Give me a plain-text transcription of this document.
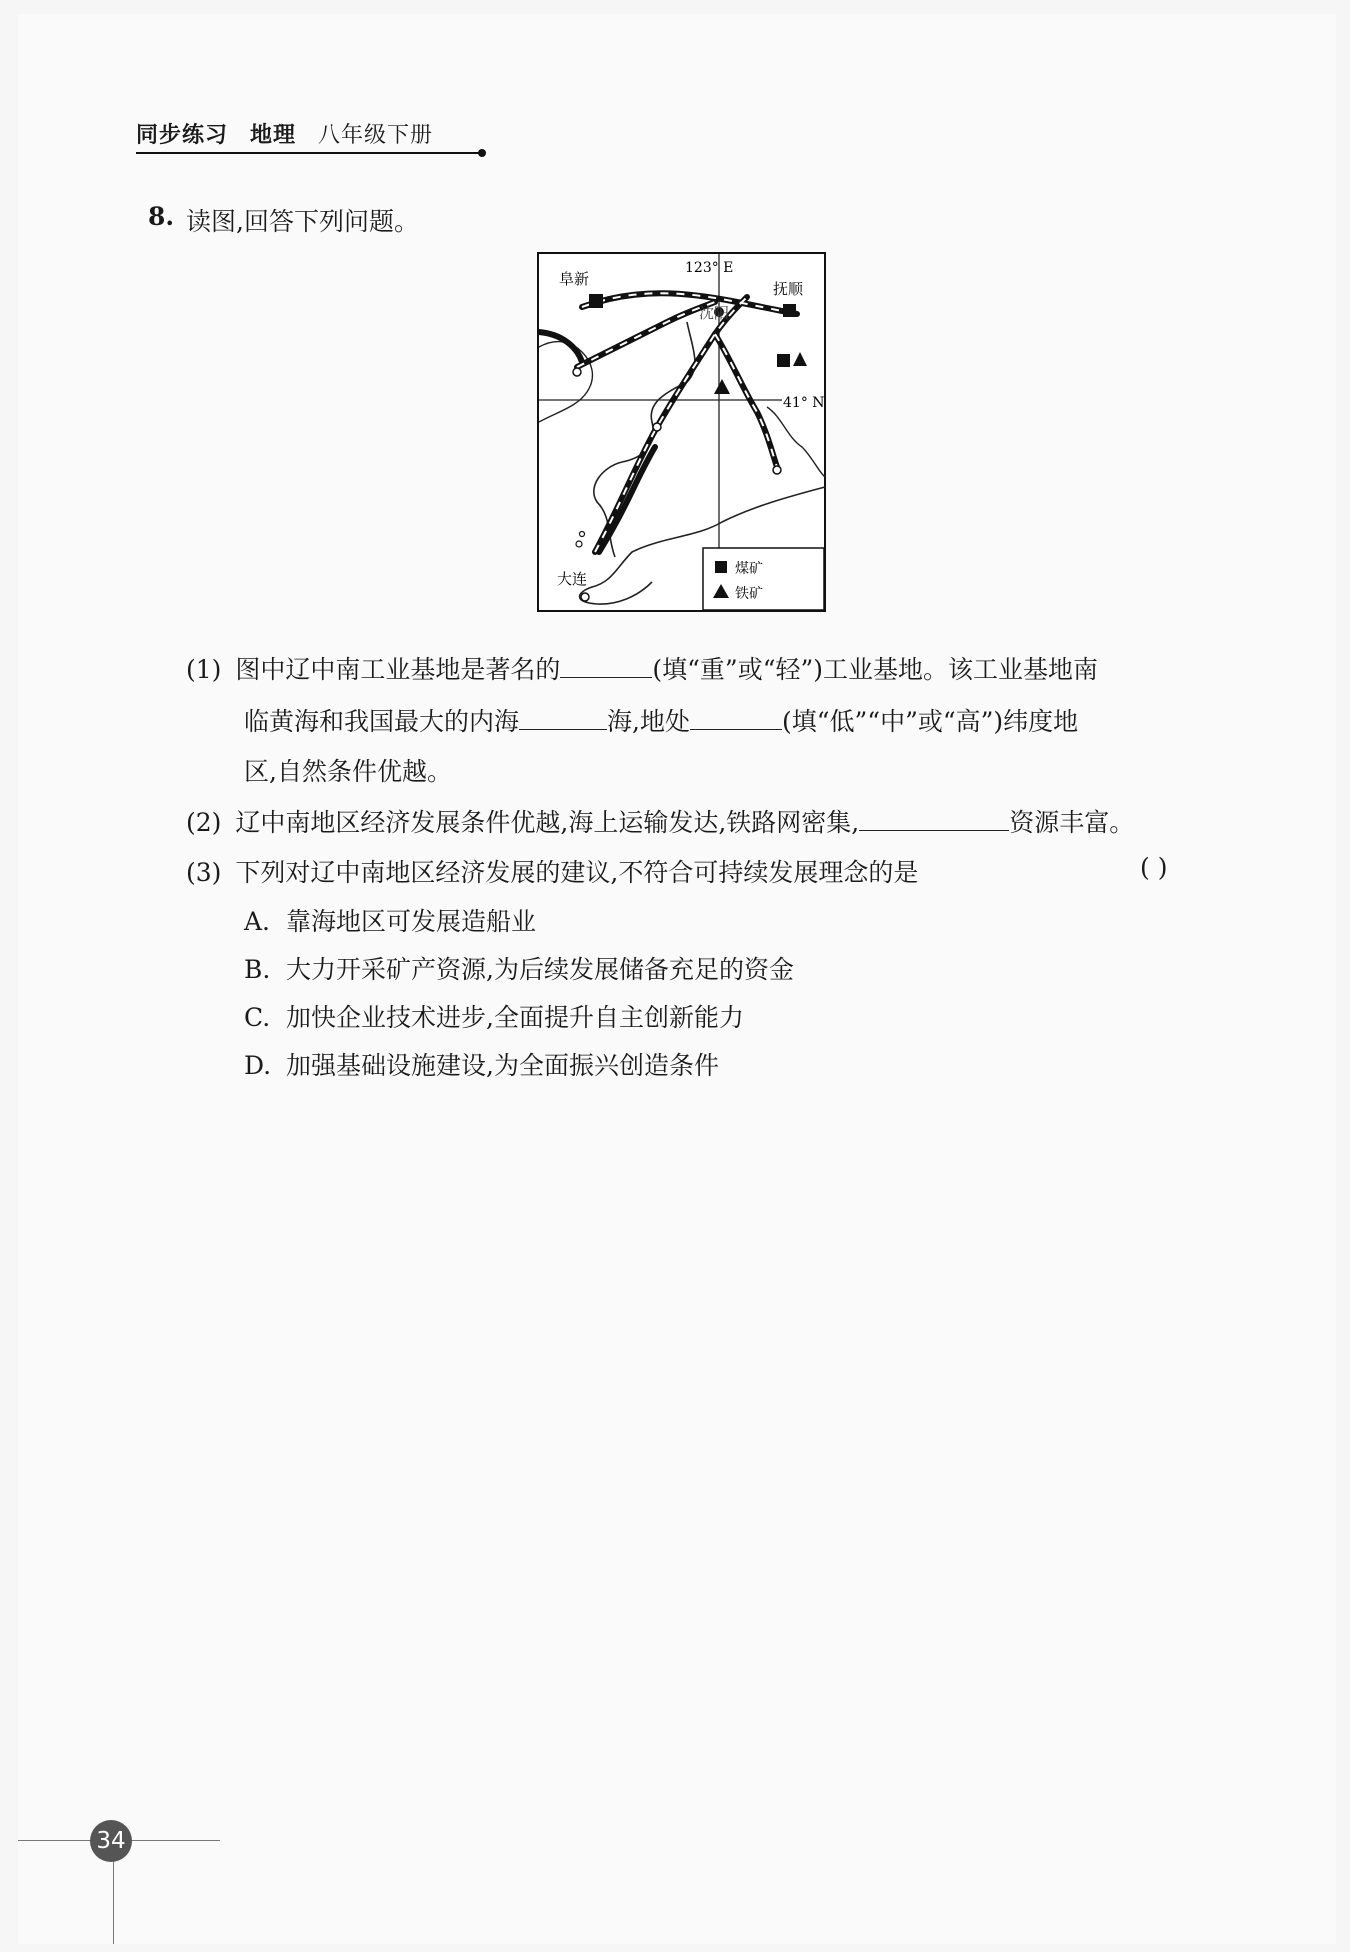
同步练习 地理 八年级下册
8. 读图,回答下列问题。
123° E
41° N
阜新
抚顺
沈阳
大连
煤矿
铁矿
(1) 图中辽中南工业基地是著名的	(填“重”或“轻”)工业基地。该工业基地南
临黄海和我国最大的内海	海,地处	(填“低”“中”或“高”)纬度地
区,自然条件优越。
(2) 辽中南地区经济发展条件优越,海上运输发达,铁路网密集,	资源丰富。
(3) 下列对辽中南地区经济发展的建议,不符合可持续发展理念的是	( )
A. 靠海地区可发展造船业
B. 大力开采矿产资源,为后续发展储备充足的资金
C. 加快企业技术进步,全面提升自主创新能力
D. 加强基础设施建设,为全面振兴创造条件
34
